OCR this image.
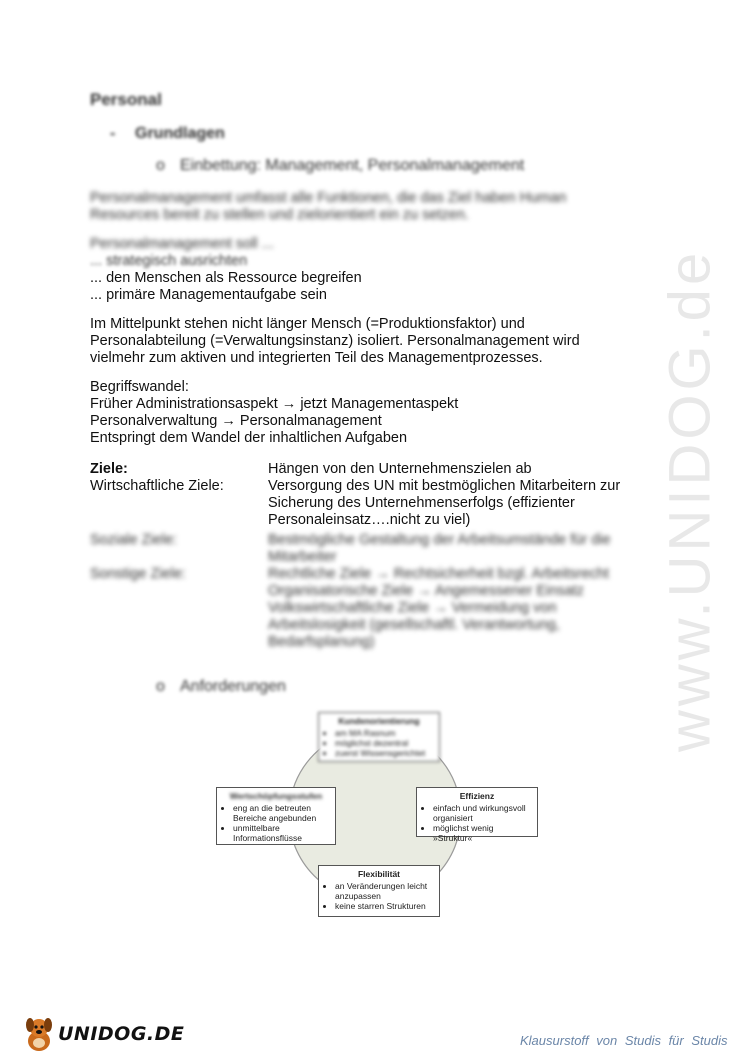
www.UNIDOG.de
Personal
- Grundlagen
o Einbettung: Management, Personalmanagement
Personalmanagement umfasst alle Funktionen, die das Ziel haben Human
Resources bereit zu stellen und zielorientiert ein zu setzen.
Personalmanagement soll ...
... strategisch ausrichten
... den Menschen als Ressource begreifen
... primäre Managementaufgabe sein
Im Mittelpunkt stehen nicht länger Mensch (=Produktionsfaktor) und
Personalabteilung (=Verwaltungsinstanz) isoliert. Personalmanagement wird
vielmehr zum aktiven und integrierten Teil des Managementprozesses.
Begriffswandel:
Früher Administrationsaspekt → jetzt Managementaspekt
Personalverwaltung → Personalmanagement
Entspringt dem Wandel der inhaltlichen Aufgaben
Ziele:	Hängen von den Unternehmenszielen ab
Wirtschaftliche Ziele:	Versorgung des UN mit bestmöglichen Mitarbeitern zur
Sicherung des Unternehmenserfolgs (effizienter
Personaleinsatz….nicht zu viel)
Soziale Ziele:	Bestmögliche Gestaltung der Arbeitsumstände für die
Mitarbeiter
Sonstige Ziele:	Rechtliche Ziele → Rechtsicherheit bzgl. Arbeitsrecht
Organisatorische Ziele → Angemessener Einsatz
Volkswirtschaftliche Ziele → Vermeidung von
Arbeitslosigkeit (gesellschaftl. Verantwortung,
Bedarfsplanung)
o Anforderungen
Kundenorientierung
• am MA Rasnum
• möglichst dezentral
• zuerst Wissensgerichtet
Wertschöpfungsstufen
• eng an die betreuten Bereiche angebunden
• unmittelbare Informationsflüsse
Effizienz
• einfach und wirkungsvoll organisiert
• möglichst wenig »Struktur«
Flexibilität
• an Veränderungen leicht anzupassen
• keine starren Strukturen
UNIDOG.DE	Klausurstoff von Studis für Studis
